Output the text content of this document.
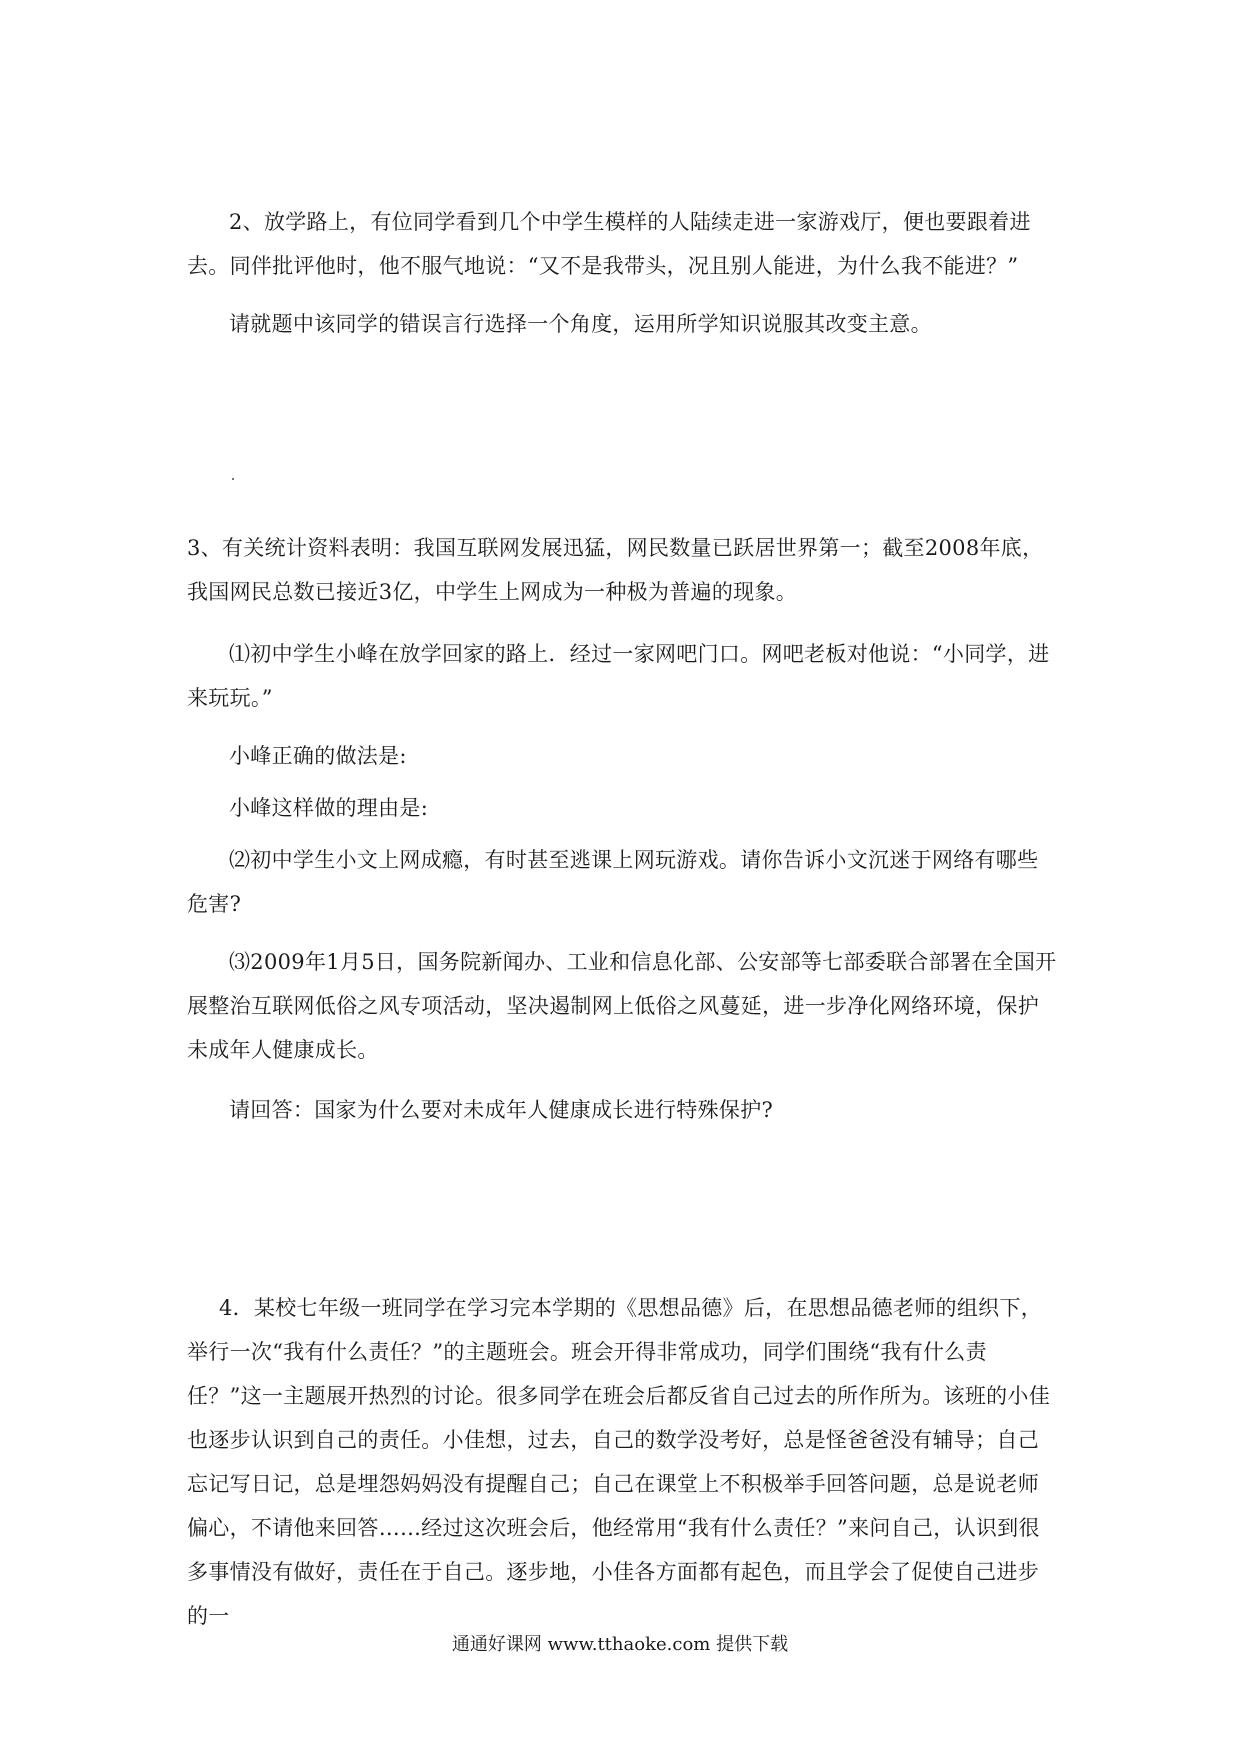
2、放学路上，有位同学看到几个中学生模样的人陆续走进一家游戏厅，便也要跟着进

去。同伴批评他时，他不服气地说：“又不是我带头，况且别人能进，为什么我不能进？”

请就题中该同学的错误言行选择一个角度，运用所学知识说服其改变主意。

3、有关统计资料表明：我国互联网发展迅猛，网民数量已跃居世界第一；截至2008年底，我国网民总数已接近3亿，中学生上网成为一种极为普遍的现象。

⑴初中学生小峰在放学回家的路上．经过一家网吧门口。网吧老板对他说：“小同学，进来玩玩。”

小峰正确的做法是:

小峰这样做的理由是:

⑵初中学生小文上网成瘾，有时甚至逃课上网玩游戏。请你告诉小文沉迷于网络有哪些危害?

⑶2009年1月5日，国务院新闻办、工业和信息化部、公安部等七部委联合部署在全国开展整治互联网低俗之风专项活动，坚决遏制网上低俗之风蔓延，进一步净化网络环境，保护未成年人健康成长。

请回答：国家为什么要对未成年人健康成长进行特殊保护?

4．某校七年级一班同学在学习完本学期的《思想品德》后，在思想品德老师的组织下，举行一次“我有什么责任？”的主题班会。班会开得非常成功，同学们围绕“我有什么责任？”这一主题展开热烈的讨论。很多同学在班会后都反省自己过去的所作所为。该班的小佳也逐步认识到自己的责任。小佳想，过去，自己的数学没考好，总是怪爸爸没有辅导；自己忘记写日记，总是埋怨妈妈没有提醒自己；自己在课堂上不积极举手回答问题，总是说老师偏心，不请他来回答……经过这次班会后，他经常用“我有什么责任？”来问自己，认识到很多事情没有做好，责任在于自己。逐步地，小佳各方面都有起色，而且学会了促使自己进步的一

通通好课网 www.tthaoke.com 提供下载
